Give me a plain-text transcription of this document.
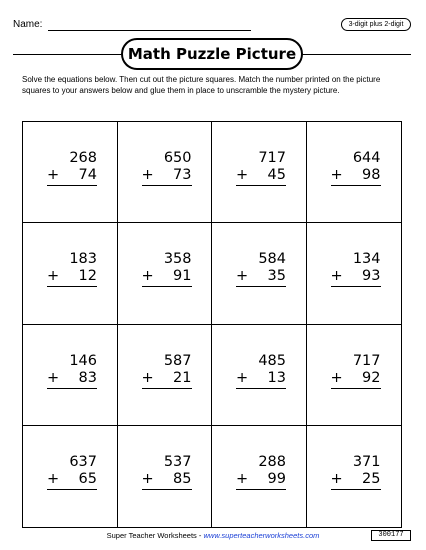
Name:	3-digit plus 2-digit
Math Puzzle Picture

Solve the equations below. Then cut out the picture squares. Match the number printed on the picture squares to your answers below and glue them in place to unscramble the mystery picture.

268
+ 74
650
+ 73
717
+ 45
644
+ 98
183
+ 12
358
+ 91
584
+ 35
134
+ 93
146
+ 83
587
+ 21
485
+ 13
717
+ 92
637
+ 65
537
+ 85
288
+ 99
371
+ 25
Super Teacher Worksheets - www.superteacherworksheets.com	300177
